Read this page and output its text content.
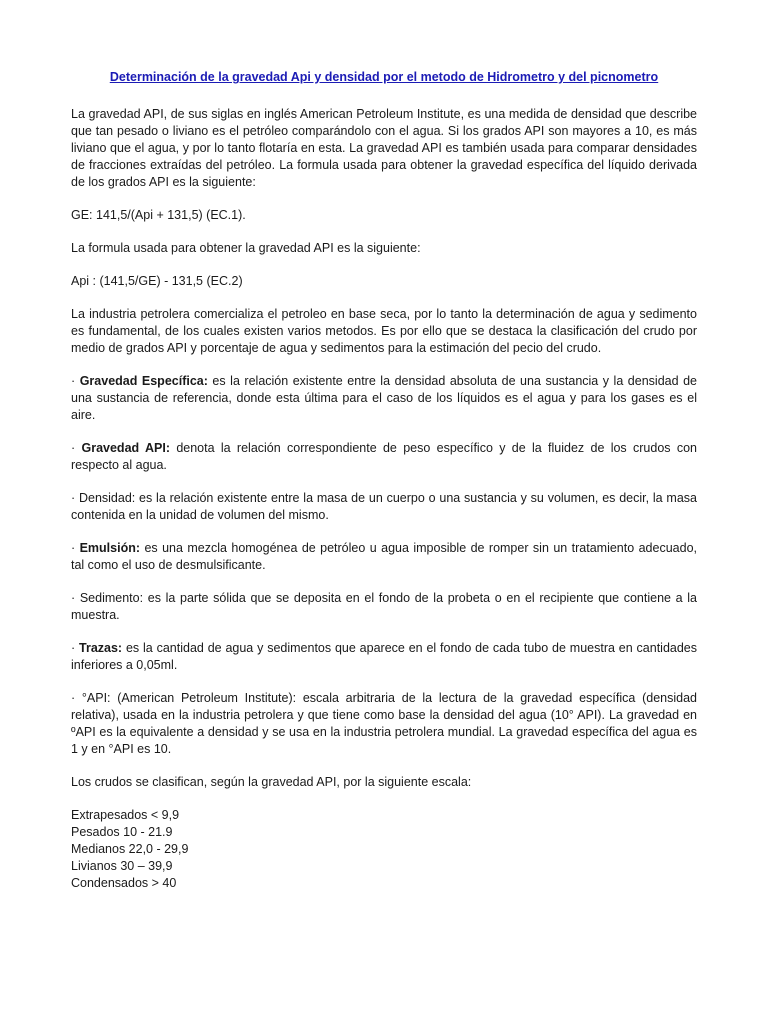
Determinación de la gravedad Api y densidad por el metodo de Hidrometro y del picnometro

La gravedad API, de sus siglas en inglés American Petroleum Institute, es una medida de densidad que describe que tan pesado o liviano es el petróleo comparándolo con el agua. Si los grados API son mayores a 10, es más liviano que el agua, y por lo tanto flotaría en esta. La gravedad API es también usada para comparar densidades de fracciones extraídas del petróleo. La formula usada para obtener la gravedad específica del líquido derivada de los grados API es la siguiente:

GE: 141,5/(Api + 131,5) (EC.1).

La formula usada para obtener la gravedad API es la siguiente:

Api : (141,5/GE) - 131,5 (EC.2)

La industria petrolera comercializa el petroleo en base seca, por lo tanto la determinación de agua y sedimento es fundamental, de los cuales existen varios metodos. Es por ello que se destaca la clasificación del crudo por medio de grados API y porcentaje de agua y sedimentos para la estimación del pecio del crudo.

· Gravedad Específica: es la relación existente entre la densidad absoluta de una sustancia y la densidad de una sustancia de referencia, donde esta última para el caso de los líquidos es el agua y para los gases es el aire.

· Gravedad API: denota la relación correspondiente de peso específico y de la fluidez de los crudos con respecto al agua.

· Densidad: es la relación existente entre la masa de un cuerpo o una sustancia y su volumen, es decir, la masa contenida en la unidad de volumen del mismo.

· Emulsión: es una mezcla homogénea de petróleo u agua imposible de romper sin un tratamiento adecuado, tal como el uso de desmulsificante.

· Sedimento: es la parte sólida que se deposita en el fondo de la probeta o en el recipiente que contiene a la muestra.

· Trazas: es la cantidad de agua y sedimentos que aparece en el fondo de cada tubo de muestra en cantidades inferiores a 0,05ml.

· °API: (American Petroleum Institute): escala arbitraria de la lectura de la gravedad específica (densidad relativa), usada en la industria petrolera y que tiene como base la densidad del agua (10° API). La gravedad en ºAPI es la equivalente a densidad y se usa en la industria petrolera mundial. La gravedad específica del agua es 1 y en °API es 10.

Los crudos se clasifican, según la gravedad API, por la siguiente escala:

Extrapesados < 9,9
Pesados 10 - 21.9
Medianos 22,0 - 29,9
Livianos 30 – 39,9
Condensados > 40
